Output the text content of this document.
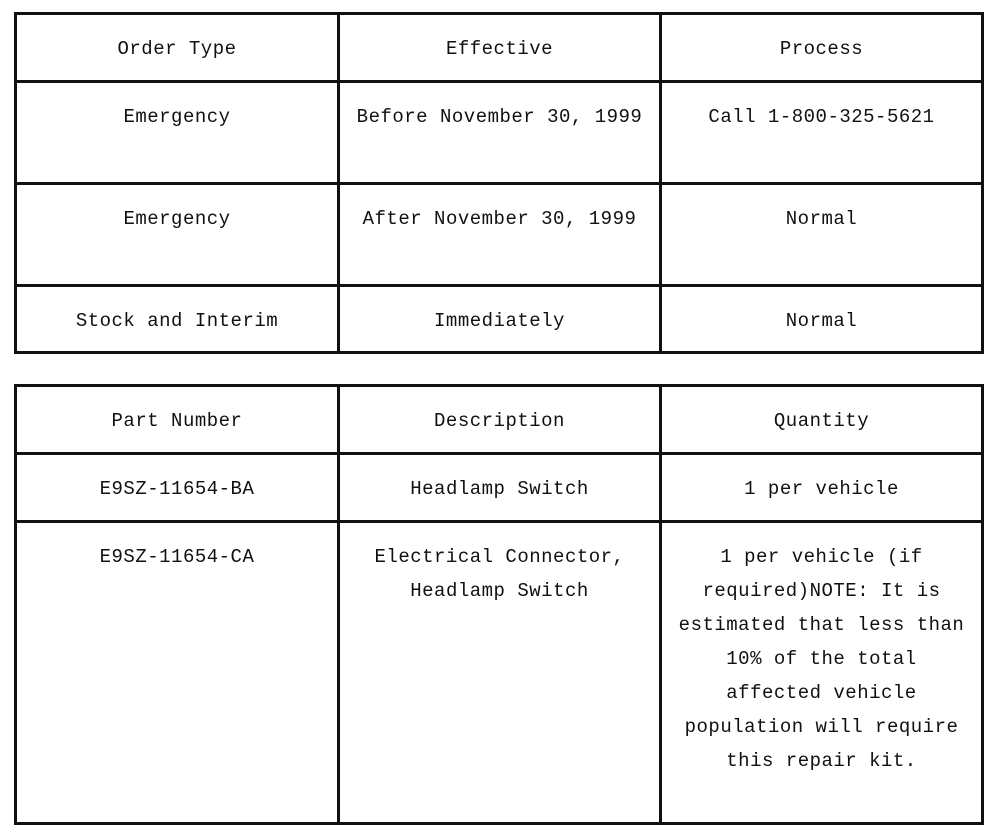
Order Type	Effective	Process
Emergency	Before November 30, 1999	Call 1-800-325-5621
Emergency	After November 30, 1999	Normal
Stock and Interim	Immediately	Normal
Part Number	Description	Quantity
E9SZ-11654-BA	Headlamp Switch	1 per vehicle
E9SZ-11654-CA	Electrical Connector, Headlamp Switch	1 per vehicle (if required)NOTE: It is estimated that less than 10% of the total affected vehicle population will require this repair kit.
